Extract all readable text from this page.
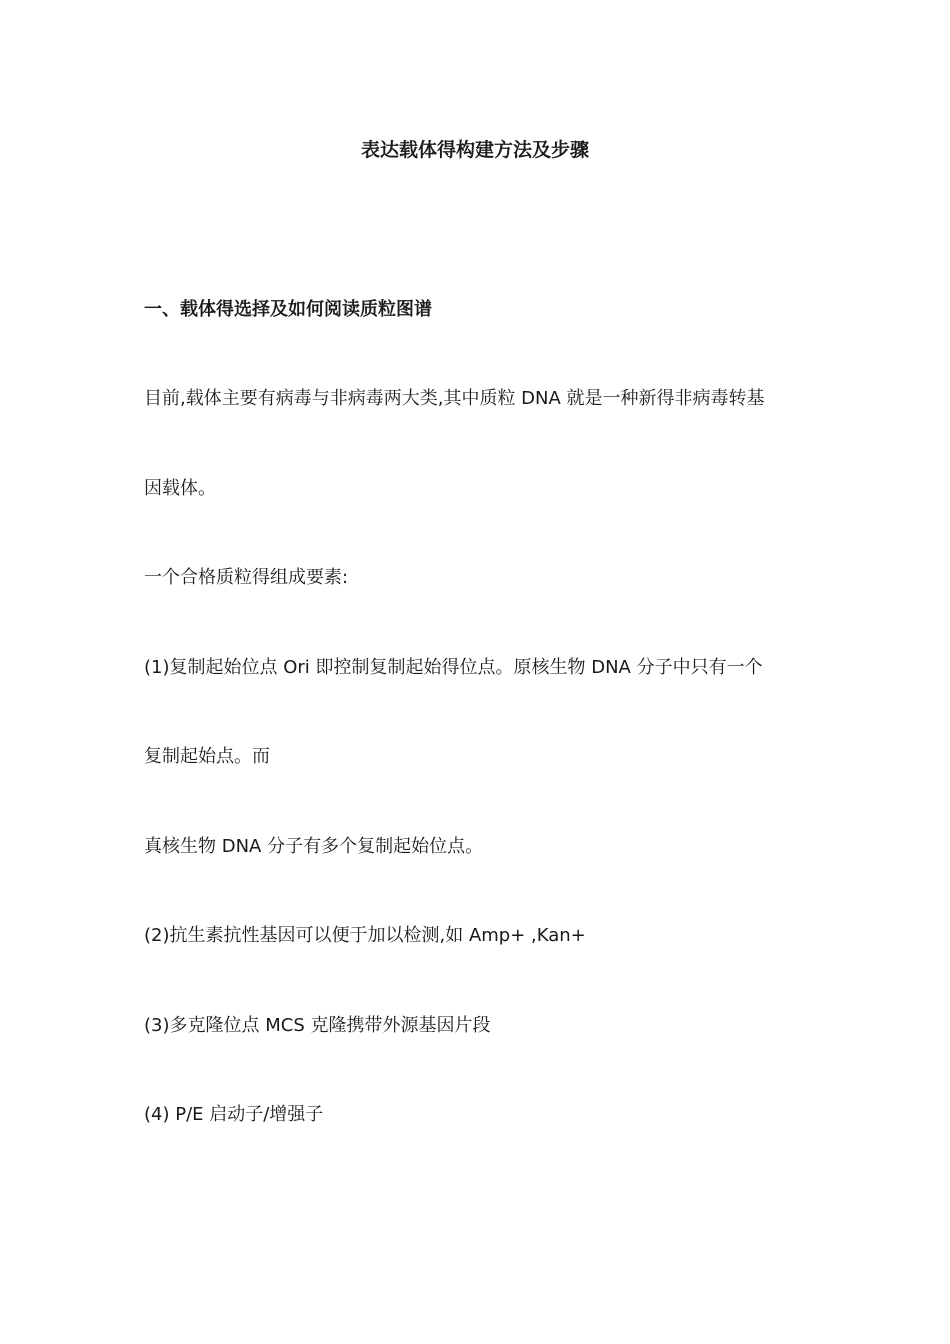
表达载体得构建方法及步骤
一、载体得选择及如何阅读质粒图谱

目前,载体主要有病毒与非病毒两大类,其中质粒 DNA 就是一种新得非病毒转基

因载体。

一个合格质粒得组成要素:

(1)复制起始位点 Ori 即控制复制起始得位点。原核生物 DNA 分子中只有一个

复制起始点。而

真核生物 DNA 分子有多个复制起始位点。

(2)抗生素抗性基因可以便于加以检测,如 Amp+ ,Kan+

(3)多克隆位点 MCS 克隆携带外源基因片段

(4) P/E 启动子/增强子
